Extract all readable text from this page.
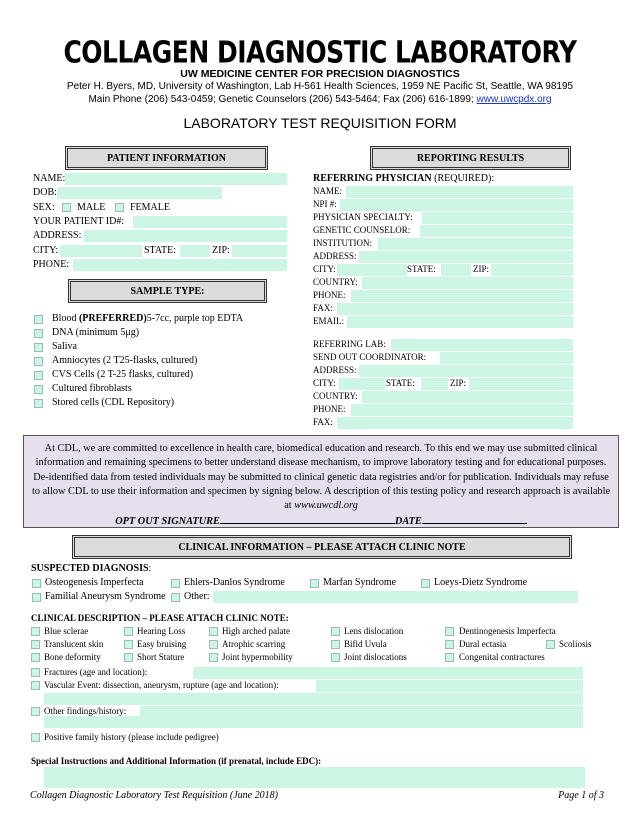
COLLAGEN DIAGNOSTIC LABORATORY
UW MEDICINE CENTER FOR PRECISION DIAGNOSTICS
Peter H. Byers, MD, University of Washington, Lab H-561 Health Sciences, 1959 NE Pacific St, Seattle, WA 98195
Main Phone (206) 543-0459; Genetic Counselors (206) 543-5464; Fax (206) 616-1899; www.uwcpdx.org
LABORATORY TEST REQUISITION FORM
PATIENT INFORMATION
NAME:
DOB:
SEX: MALE FEMALE
YOUR PATIENT ID#:
ADDRESS:
CITY:	STATE:	ZIP:
PHONE:
SAMPLE TYPE:
Blood (PREFERRED)5-7cc, purple top EDTA
DNA (minimum 5μg)
Saliva
Amniocytes (2 T25-flasks, cultured)
CVS Cells (2 T-25 flasks, cultured)
Cultured fibroblasts
Stored cells (CDL Repository)
REPORTING RESULTS
REFERRING PHYSICIAN (REQUIRED):
NAME:
NPI #:
PHYSICIAN SPECIALTY:
GENETIC COUNSELOR:
INSTITUTION:
ADDRESS:
CITY:	STATE:	ZIP:
COUNTRY:
PHONE:
FAX:
EMAIL:
REFERRING LAB:
SEND OUT COORDINATOR:
ADDRESS:
CITY:	STATE:	ZIP:
COUNTRY:
PHONE:
FAX:
At CDL, we are committed to excellence in health care, biomedical education and research. To this end we may use submitted clinical information and remaining specimens to better understand disease mechanism, to improve laboratory testing and for educational purposes. De-identified data from tested individuals may be submitted to clinical genetic data registries and/or for publication. Individuals may refuse to allow CDL to use their information and specimen by signing below. A description of this testing policy and research approach is available at www.uwcdl.org
OPT OUT SIGNATURE	DATE
CLINICAL INFORMATION – PLEASE ATTACH CLINIC NOTE
SUSPECTED DIAGNOSIS:
Osteogenesis Imperfecta	Ehlers-Danlos Syndrome	Marfan Syndrome	Loeys-Dietz Syndrome
Familial Aneurysm Syndrome Other:
CLINICAL DESCRIPTION – PLEASE ATTACH CLINIC NOTE:
Blue sclerae	Hearing Loss	High arched palate	Lens dislocation	Dentinogenesis Imperfecta
Translucent skin	Easy bruising	Atrophic scarring	Bifid Uvula	Dural ectasia	Scoliosis
Bone deformity	Short Stature	Joint hypermobility	Joint dislocations	Congenital contractures
Fractures (age and location):
Vascular Event: dissection, aneurysm, rupture (age and location):
Other findings/history:
Positive family history (please include pedigree)
Special Instructions and Additional Information (if prenatal, include EDC):
Collagen Diagnostic Laboratory Test Requisition (June 2018)	Page 1 of 3
